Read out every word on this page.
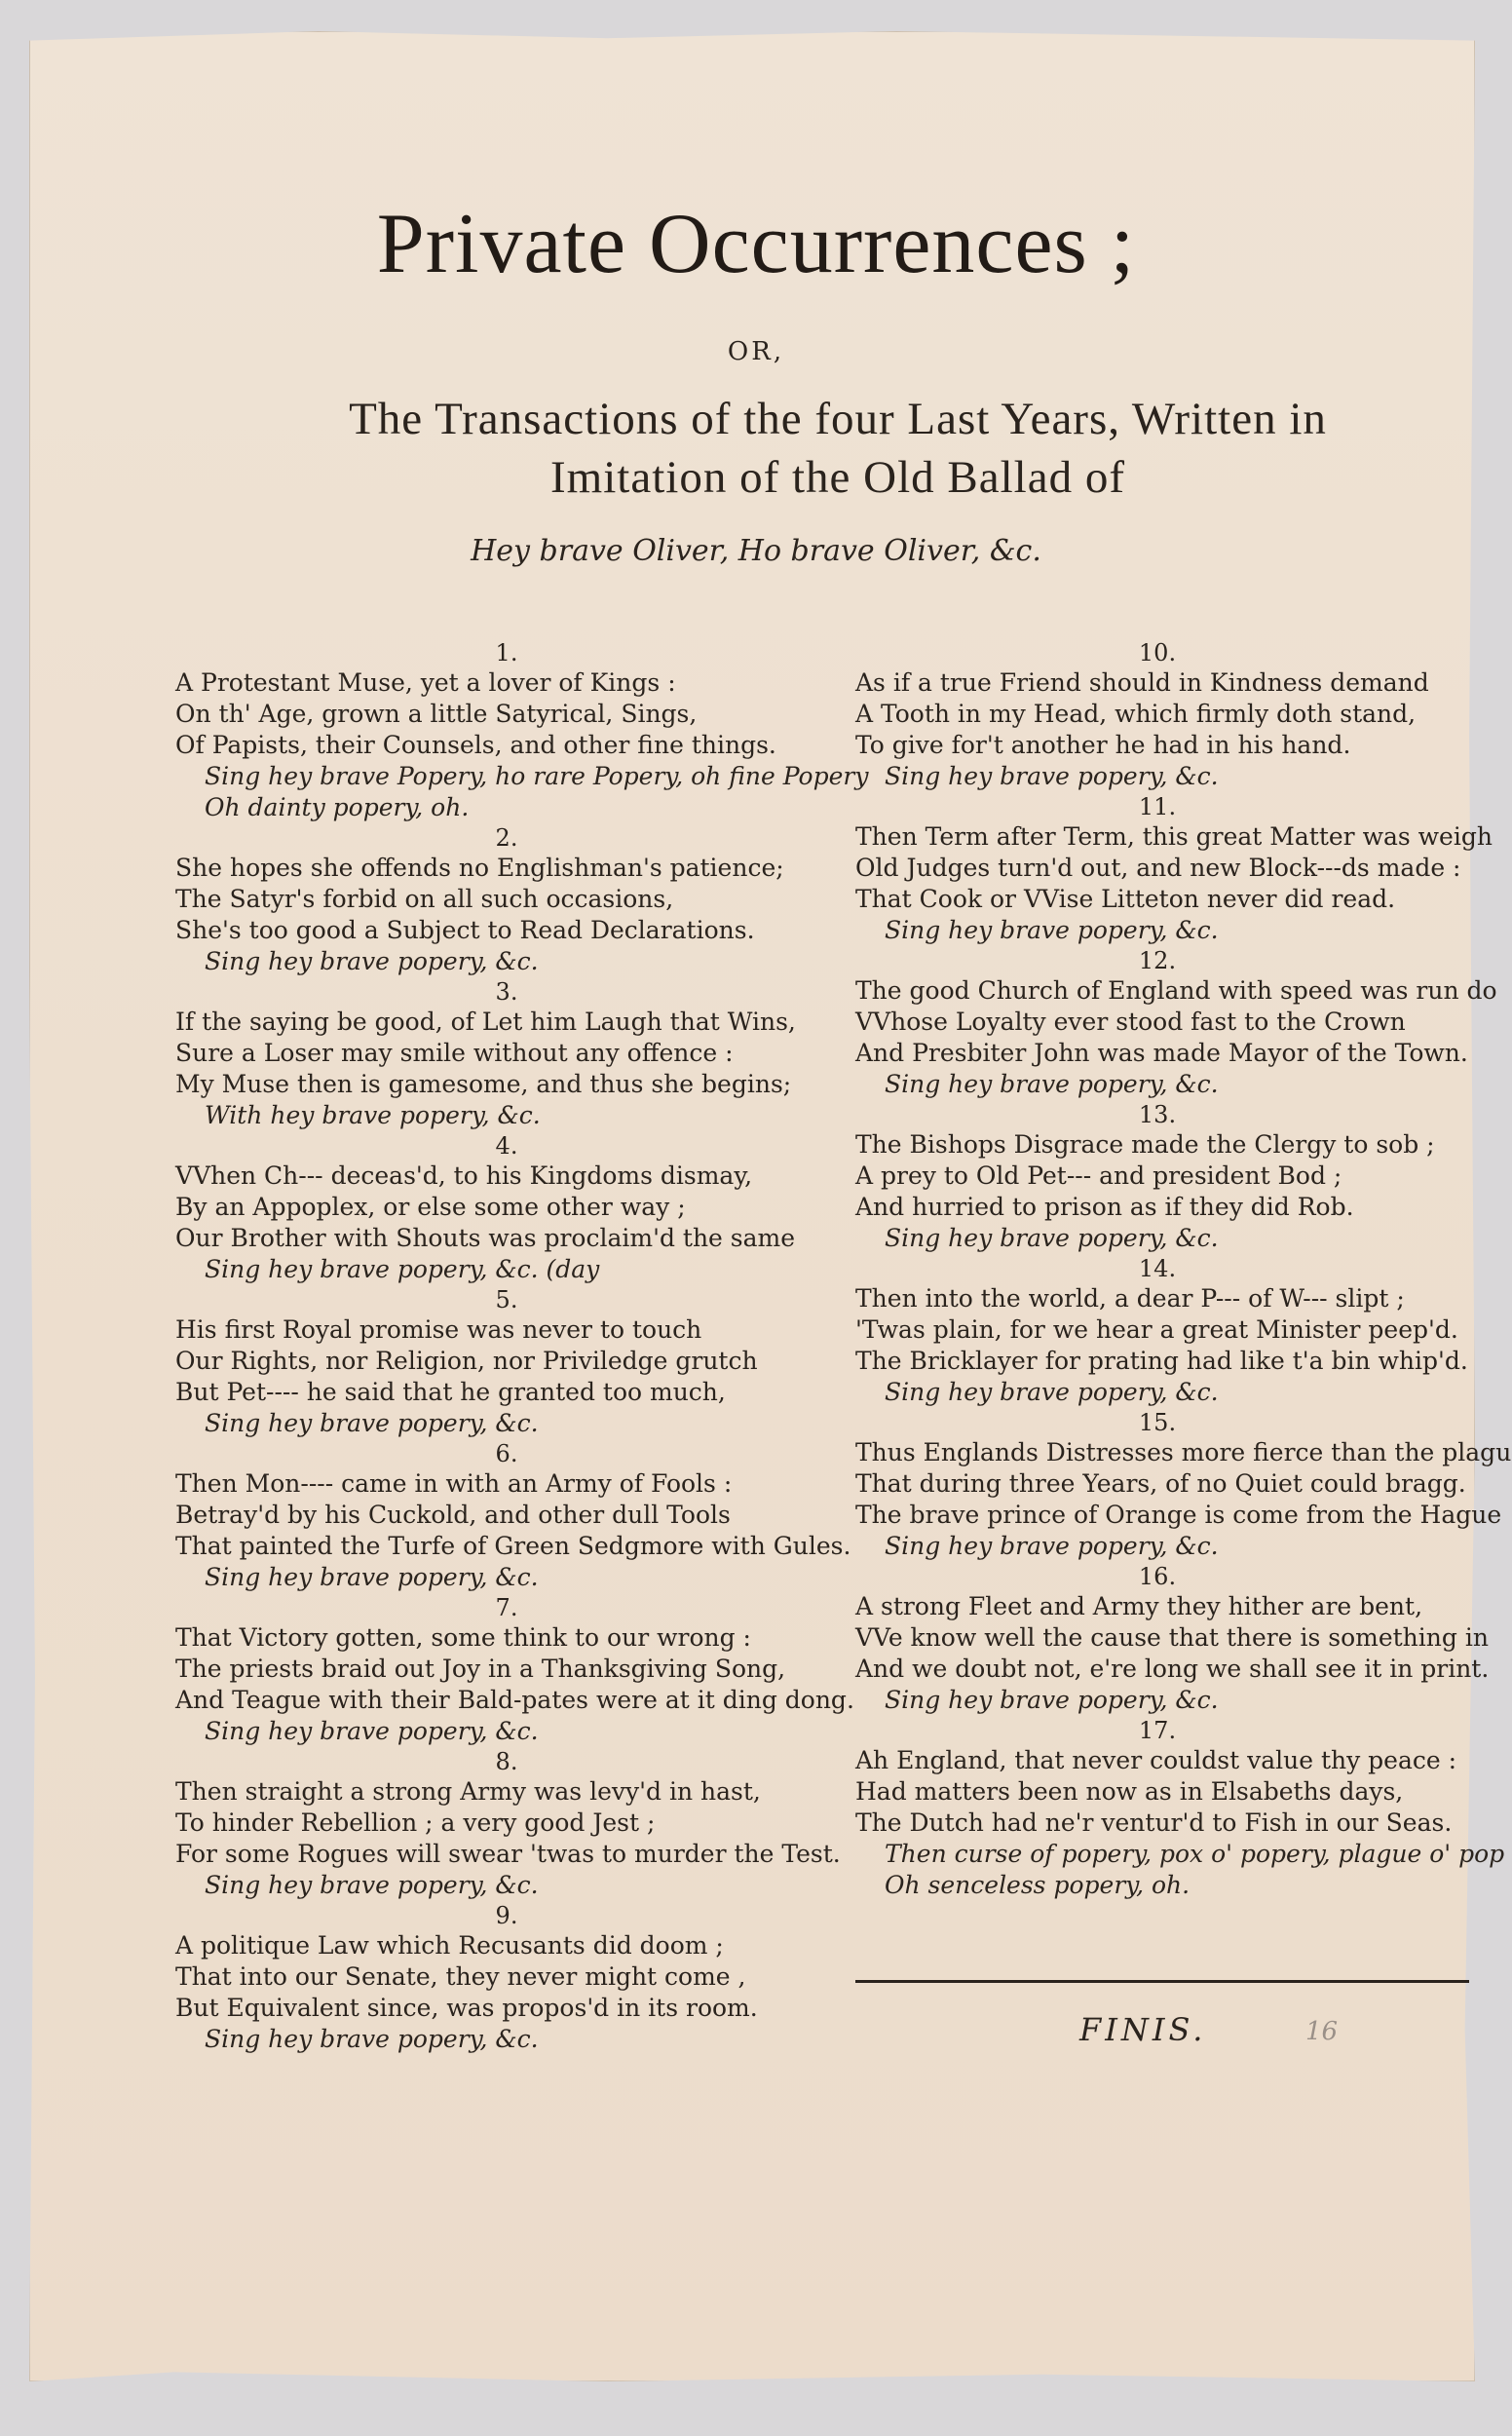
Private Occurrences ;
OR,
The Transactions of the four Last Years, Written in
Imitation of the Old Ballad of
Hey brave Oliver, Ho brave Oliver, &c.
1.
A Protestant Muse, yet a lover of Kings :
On th' Age, grown a little Satyrical, Sings,
Of Papists, their Counsels, and other fine things.
Sing hey brave Popery, ho rare Popery, oh fine Popery
Oh dainty popery, oh.
2.
She hopes she offends no Englishman's patience;
The Satyr's forbid on all such occasions,
She's too good a Subject to Read Declarations.
Sing hey brave popery, &c.
3.
If the saying be good, of Let him Laugh that Wins,
Sure a Loser may smile without any offence :
My Muse then is gamesome, and thus she begins;
With hey brave popery, &c.
4.
VVhen Ch--- deceas'd, to his Kingdoms dismay,
By an Appoplex, or else some other way ;
Our Brother with Shouts was proclaim'd the same
Sing hey brave popery, &c. (day
5.
His first Royal promise was never to touch
Our Rights, nor Religion, nor Priviledge grutch
But Pet---- he said that he granted too much,
Sing hey brave popery, &c.
6.
Then Mon---- came in with an Army of Fools :
Betray'd by his Cuckold, and other dull Tools
That painted the Turfe of Green Sedgmore with Gules.
Sing hey brave popery, &c.
7.
That Victory gotten, some think to our wrong :
The priests braid out Joy in a Thanksgiving Song,
And Teague with their Bald-pates were at it ding dong.
Sing hey brave popery, &c.
8.
Then straight a strong Army was levy'd in hast,
To hinder Rebellion ; a very good Jest ;
For some Rogues will swear 'twas to murder the Test.
Sing hey brave popery, &c.
9.
A politique Law which Recusants did doom ;
That into our Senate, they never might come ,
But Equivalent since, was propos'd in its room.
Sing hey brave popery, &c.
10.
As if a true Friend should in Kindness demand
A Tooth in my Head, which firmly doth stand,
To give for't another he had in his hand.
Sing hey brave popery, &c.
11.
Then Term after Term, this great Matter was weigh
Old Judges turn'd out, and new Block---ds made :
That Cook or VVise Litteton never did read.
Sing hey brave popery, &c.
12.
The good Church of England with speed was run do
VVhose Loyalty ever stood fast to the Crown
And Presbiter John was made Mayor of the Town.
Sing hey brave popery, &c.
13.
The Bishops Disgrace made the Clergy to sob ;
A prey to Old Pet--- and president Bod ;
And hurried to prison as if they did Rob.
Sing hey brave popery, &c.
14.
Then into the world, a dear P--- of W--- slipt ;
'Twas plain, for we hear a great Minister peep'd.
The Bricklayer for prating had like t'a bin whip'd.
Sing hey brave popery, &c.
15.
Thus Englands Distresses more fierce than the plagu
That during three Years, of no Quiet could bragg.
The brave prince of Orange is come from the Hague
Sing hey brave popery, &c.
16.
A strong Fleet and Army they hither are bent,
VVe know well the cause that there is something in
And we doubt not, e're long we shall see it in print.
Sing hey brave popery, &c.
17.
Ah England, that never couldst value thy peace :
Had matters been now as in Elsabeths days,
The Dutch had ne'r ventur'd to Fish in our Seas.
Then curse of popery, pox o' popery, plague o' pop
Oh senceless popery, oh.
FINIS.	16
